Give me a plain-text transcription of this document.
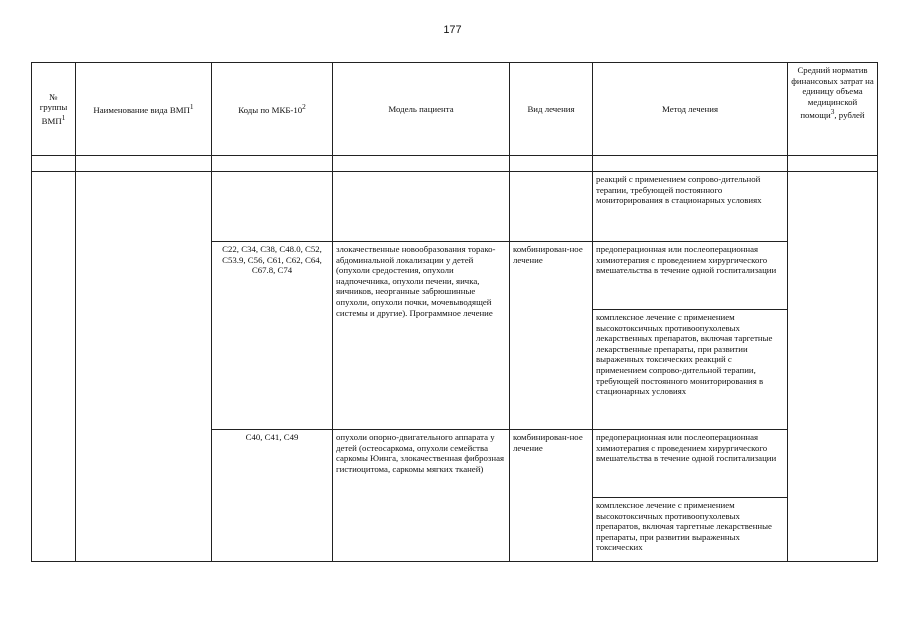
177
№ группы ВМП$^1$	Наименование вида ВМП$^1$	Коды по МКБ-$10^2$	Модель пациента	Вид лечения	Метод лечения	Средний норматив финансовых затрат на единицу объема медицинской помощи$^3$, рублей

					реакций с применением сопрово-дительной терапии, требующей постоянного мониторирования в стационарных условиях	
		C22, C34, C38, C48.0, C52, C53.9, C56, C61, C62, C64, C67.8, C74	злокачественные новообразования торако-абдоминальной локализации у детей (опухоли средостения, опухоли надпочечника, опухоли печени, яичка, яичников, неорганные забрюшинные опухоли, опухоли почки, мочевыводящей системы и другие). Программное лечение	комбинирован-ное лечение	предоперационная или послеоперационная химиотерапия с проведением хирургического вмешательства в течение одной госпитализации	
					комплексное лечение с применением высокотоксичных противоопухолевых лекарственных препаратов, включая таргетные лекарственные препараты, при развитии выраженных токсических реакций с применением сопрово-дительной терапии, требующей постоянного мониторирования в стационарных условиях	
		C40, C41, C49	опухоли опорно-двигательного аппарата у детей (остеосаркома, опухоли семейства саркомы Юинга, злокачественная фиброзная гистиоцитома, саркомы мягких тканей)	комбинирован-ное лечение	предоперационная или послеоперационная химиотерапия с проведением хирургического вмешательства в течение одной госпитализации	
					комплексное лечение с применением высокотоксичных противоопухолевых препаратов, включая таргетные лекарственные препараты, при развитии выраженных токсических	
